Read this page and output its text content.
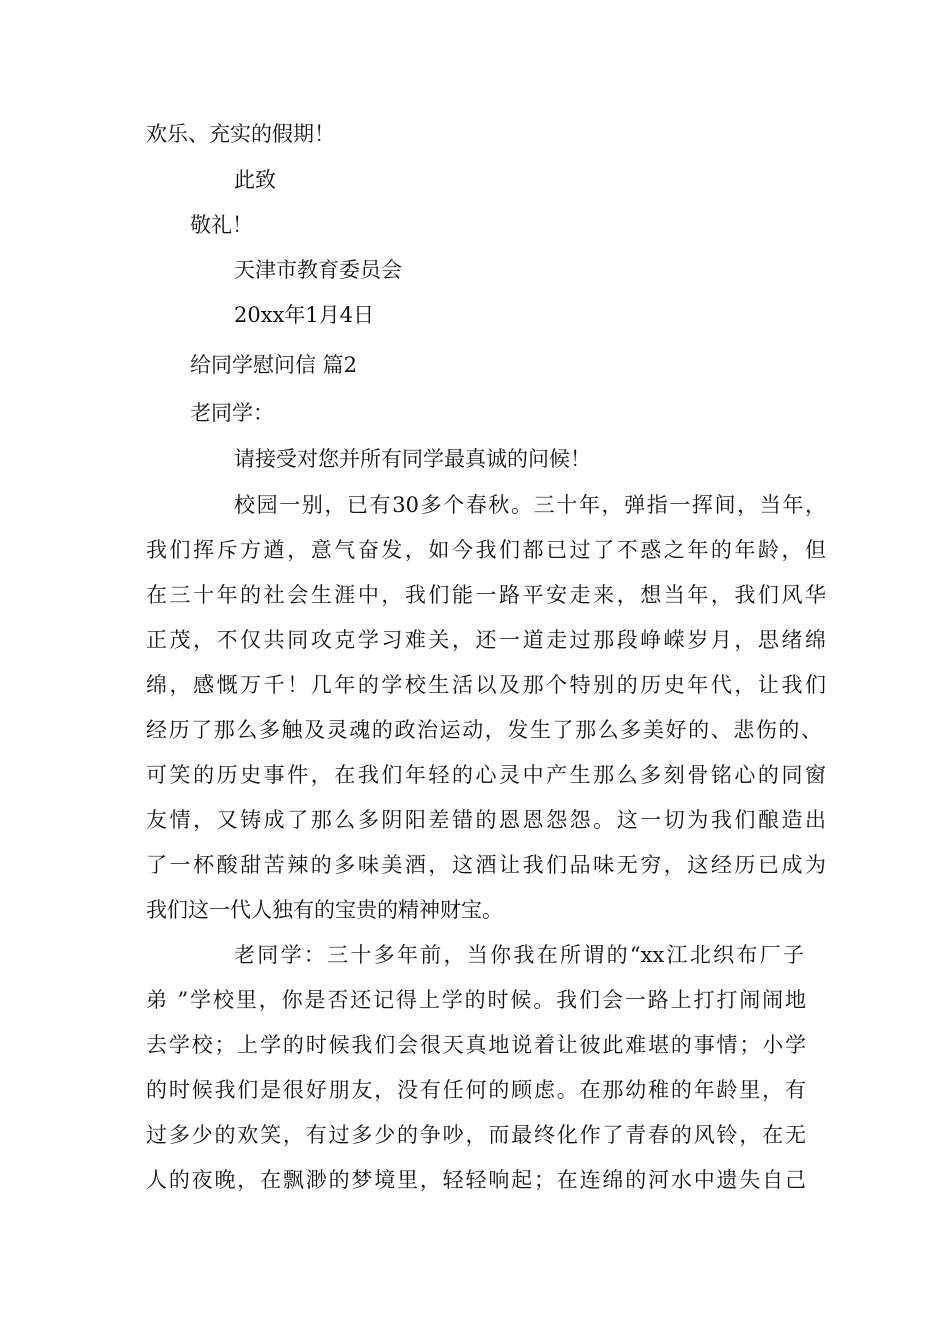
欢乐、充实的假期！

此致

敬礼！

天津市教育委员会

20xx年1月4日

给同学慰问信 篇2

老同学：

请接受对您并所有同学最真诚的问候！

校园一别，已有30多个春秋。三十年，弹指一挥间，当年，

我们挥斥方遒，意气奋发，如今我们都已过了不惑之年的年龄，但

在三十年的社会生涯中，我们能一路平安走来，想当年，我们风华

正茂，不仅共同攻克学习难关，还一道走过那段峥嵘岁月，思绪绵

绵，感慨万千！几年的学校生活以及那个特别的历史年代，让我们

经历了那么多触及灵魂的政治运动，发生了那么多美好的、悲伤的、

可笑的历史事件，在我们年轻的心灵中产生那么多刻骨铭心的同窗

友情，又铸成了那么多阴阳差错的恩恩怨怨。这一切为我们酿造出

了一杯酸甜苦辣的多味美酒，这酒让我们品味无穷，这经历已成为

我们这一代人独有的宝贵的精神财宝。

老同学：三十多年前，当你我在所谓的“xx江北织布厂子

弟 ”学校里，你是否还记得上学的时候。我们会一路上打打闹闹地

去学校；上学的时候我们会很天真地说着让彼此难堪的事情；小学

的时候我们是很好朋友，没有任何的顾虑。在那幼稚的年龄里，有

过多少的欢笑，有过多少的争吵，而最终化作了青春的风铃，在无

人的夜晚，在飘渺的梦境里，轻轻响起；在连绵的河水中遗失自己
